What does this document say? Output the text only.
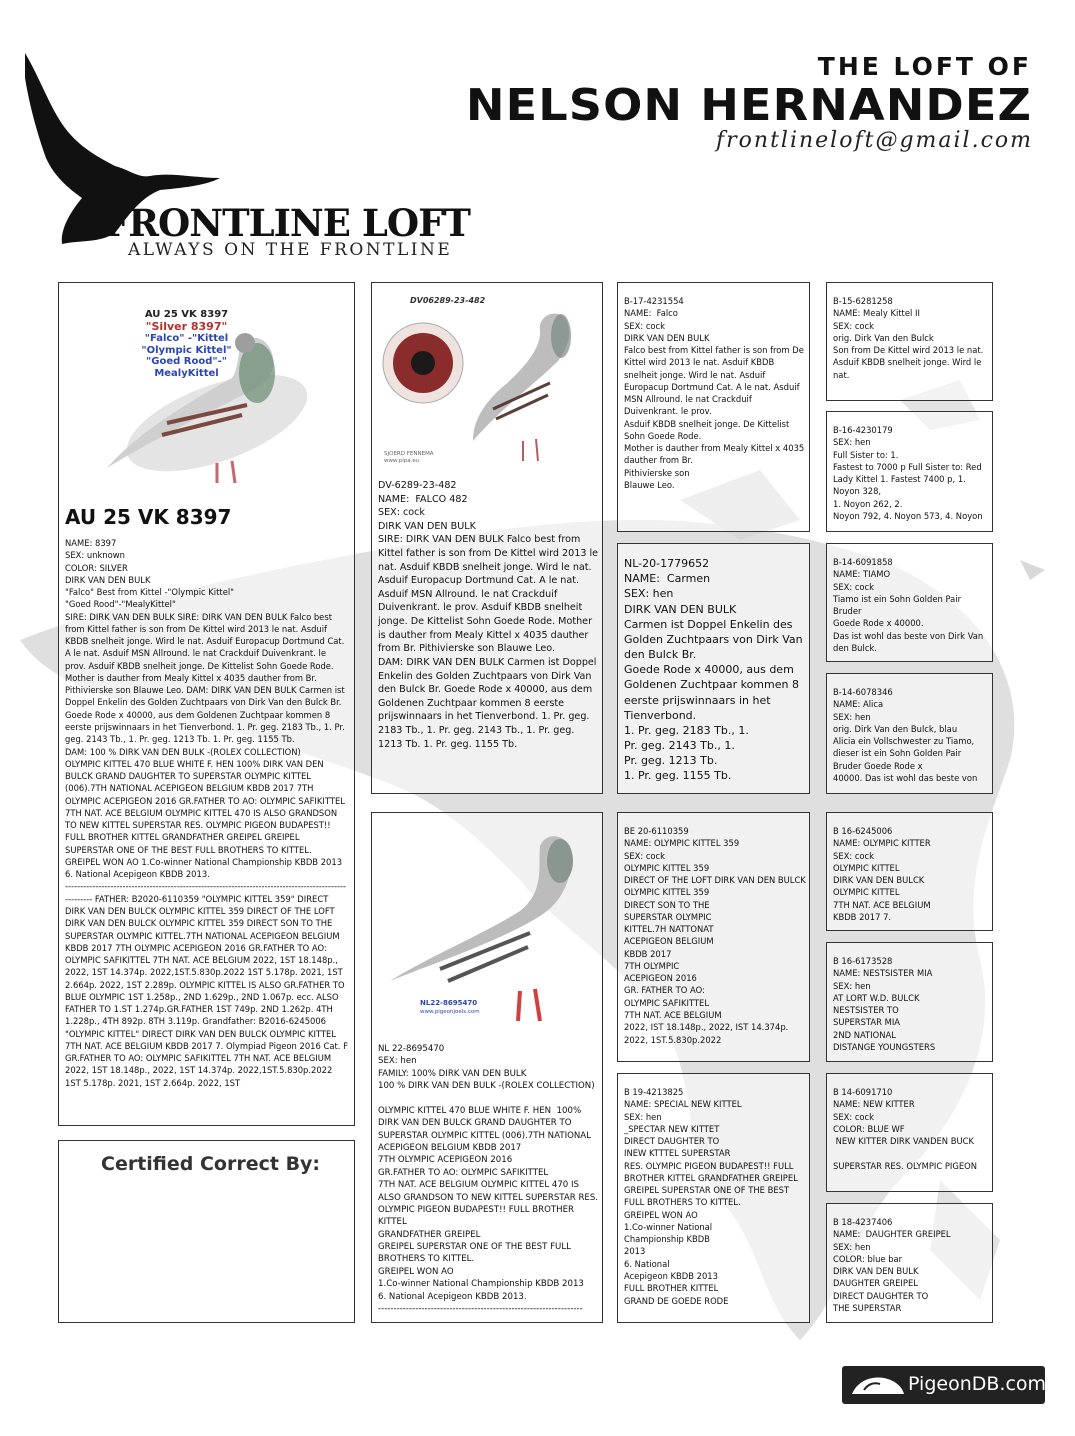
THE LOFT OF
NELSON HERNANDEZ
frontlineloft@gmail.com
FRONTLINE LOFT
ALWAYS ON THE FRONTLINE
AU 25 VK 8397
"Silver 8397"
"Falco" -"Kittel
"Olympic Kittel"
"Goed Rood"-"
MealyKittel
AU 25 VK 8397
NAME: 8397
SEX: unknown
COLOR: SILVER
DIRK VAN DEN BULK
"Falco" Best from Kittel -"Olympic Kittel"
"Goed Rood"-"MealyKittel"
SIRE: DIRK VAN DEN BULK SIRE: DIRK VAN DEN BULK Falco best from Kittel father is son from De Kittel wird 2013 le nat. Asduif KBDB snelheit jonge. Wird le nat. Asduif Europacup Dortmund Cat. A le nat. Asduif MSN Allround. le nat Crackduif Duivenkrant. le prov. Asduif KBDB snelheit jonge. De Kittelist Sohn Goede Rode. Mother is dauther from Mealy Kittel x 4035 dauther from Br. Pithivierske son Blauwe Leo. DAM: DIRK VAN DEN BULK Carmen ist Doppel Enkelin des Golden Zuchtpaars von Dirk Van den Bulck Br. Goede Rode x 40000, aus dem Goldenen Zuchtpaar kommen 8 eerste prijswinnaars in het Tienverbond. 1. Pr. geg. 2183 Tb., 1. Pr. geg. 2143 Tb., 1. Pr. geg. 1213 Tb. 1. Pr. geg. 1155 Tb.
DAM: 100 % DIRK VAN DEN BULK -(ROLEX COLLECTION)
OLYMPIC KITTEL 470 BLUE WHITE F. HEN 100% DIRK VAN DEN BULCK GRAND DAUGHTER TO SUPERSTAR OLYMPIC KITTEL (006).7TH NATIONAL ACEPIGEON BELGIUM KBDB 2017 7TH OLYMPIC ACEPIGEON 2016 GR.FATHER TO AO: OLYMPIC SAFIKITTEL 7TH NAT. ACE BELGIUM OLYMPIC KITTEL 470 IS ALSO GRANDSON TO NEW KITTEL SUPERSTAR RES. OLYMPIC PIGEON BUDAPEST!! FULL BROTHER KITTEL GRANDFATHER GREIPEL GREIPEL SUPERSTAR ONE OF THE BEST FULL BROTHERS TO KITTEL. GREIPEL WON AO 1.Co-winner National Championship KBDB 2013 6. National Acepigeon KBDB 2013.
------------------------------------------------------------------------------------------------------ FATHER: B2020-6110359 "OLYMPIC KITTEL 359" DIRECT DIRK VAN DEN BULCK OLYMPIC KITTEL 359 DIRECT OF THE LOFT DIRK VAN DEN BULCK OLYMPIC KITTEL 359 DIRECT SON TO THE SUPERSTAR OLYMPIC KITTEL.7TH NATIONAL ACEPIGEON BELGIUM KBDB 2017 7TH OLYMPIC ACEPIGEON 2016 GR.FATHER TO AO: OLYMPIC SAFIKITTEL 7TH NAT. ACE BELGIUM 2022, 1ST 18.148p., 2022, 1ST 14.374p. 2022,1ST.5.830p.2022 1ST 5.178p. 2021, 1ST 2.664p. 2022, 1ST 2.289p. OLYMPIC KITTEL IS ALSO GR.FATHER TO BLUE OLYMPIC 1ST 1.258p., 2ND 1.629p., 2ND 1.067p. ecc. ALSO FATHER TO 1.ST 1.274p.GR.FATHER 1ST 749p. 2ND 1.262p. 4TH 1.228p., 4TH 892p. 8TH 3.119p. Grandfather: B2016-6245006 "OLYMPIC KITTEL" DIRECT DIRK VAN DEN BULCK OLYMPIC KITTEL 7TH NAT. ACE BELGIUM KBDB 2017 7. Olympiad Pigeon 2016 Cat. F GR.FATHER TO AO: OLYMPIC SAFIKITTEL 7TH NAT. ACE BELGIUM 2022, 1ST 18.148p., 2022, 1ST 14.374p. 2022,1ST.5.830p.2022 1ST 5.178p. 2021, 1ST 2.664p. 2022, 1ST
Certified Correct By:
DV06289-23-482
SJOERD FENNEMA
www.pipa.eu
DV-6289-23-482
NAME:  FALCO 482
SEX: cock
DIRK VAN DEN BULK
SIRE: DIRK VAN DEN BULK Falco best from Kittel father is son from De Kittel wird 2013 le nat. Asduif KBDB snelheit jonge. Wird le nat. Asduif Europacup Dortmund Cat. A le nat. Asduif MSN Allround. le nat Crackduif Duivenkrant. le prov. Asduif KBDB snelheit jonge. De Kittelist Sohn Goede Rode. Mother is dauther from Mealy Kittel x 4035 dauther from Br. Pithivierske son Blauwe Leo.
DAM: DIRK VAN DEN BULK Carmen ist Doppel Enkelin des Golden Zuchtpaars von Dirk Van den Bulck Br. Goede Rode x 40000, aus dem Goldenen Zuchtpaar kommen 8 eerste prijswinnaars in het Tienverbond. 1. Pr. geg. 2183 Tb., 1. Pr. geg. 2143 Tb., 1. Pr. geg. 1213 Tb. 1. Pr. geg. 1155 Tb.
NL22-8695470
www.pigeonjoels.com
NL 22-8695470
SEX: hen
FAMILY: 100% DIRK VAN DEN BULK
100 % DIRK VAN DEN BULK -(ROLEX COLLECTION)

OLYMPIC KITTEL 470 BLUE WHITE F. HEN  100% DIRK VAN DEN BULCK GRAND DAUGHTER TO SUPERSTAR OLYMPIC KITTEL (006).7TH NATIONAL ACEPIGEON BELGIUM KBDB 2017
7TH OLYMPIC ACEPIGEON 2016
GR.FATHER TO AO: OLYMPIC SAFIKITTEL
7TH NAT. ACE BELGIUM OLYMPIC KITTEL 470 IS ALSO GRANDSON TO NEW KITTEL SUPERSTAR RES. OLYMPIC PIGEON BUDAPEST!! FULL BROTHER KITTEL
GRANDFATHER GREIPEL
GREIPEL SUPERSTAR ONE OF THE BEST FULL BROTHERS TO KITTEL.
GREIPEL WON AO
1.Co-winner National Championship KBDB 2013
6. National Acepigeon KBDB 2013.
------------------------------------------------------------------
B-17-4231554
NAME:  Falco
SEX: cock
DIRK VAN DEN BULK
Falco best from Kittel father is son from De Kittel wird 2013 le nat. Asduif KBDB snelheit jonge. Wird le nat. Asduif Europacup Dortmund Cat. A le nat. Asduif MSN Allround. le nat Crackduif Duivenkrant. le prov.
Asduif KBDB snelheit jonge. De Kittelist Sohn Goede Rode.
Mother is dauther from Mealy Kittel x 4035 dauther from Br.
Pithivierske son
Blauwe Leo.
NL-20-1779652
NAME:  Carmen
SEX: hen
DIRK VAN DEN BULK
Carmen ist Doppel Enkelin des Golden Zuchtpaars von Dirk Van den Bulck Br.
Goede Rode x 40000, aus dem Goldenen Zuchtpaar kommen 8 eerste prijswinnaars in het Tienverbond.
1. Pr. geg. 2183 Tb., 1.
Pr. geg. 2143 Tb., 1.
Pr. geg. 1213 Tb.
1. Pr. geg. 1155 Tb.
BE 20-6110359
NAME: OLYMPIC KITTEL 359
SEX: cock
OLYMPIC KITTEL 359
DIRECT OF THE LOFT DIRK VAN DEN BULCK OLYMPIC KITTEL 359
DIRECT SON TO THE
SUPERSTAR OLYMPIC
KITTEL.7H NATTONAT
ACEPIGEON BELGIUM
KBDB 2017
7TH OLYMPIC
ACEPIGEON 2016
GR. FATHER TO AO:
OLYMPIC SAFIKITTEL
7TH NAT. ACE BELGIUM
2022, IST 18.148p., 2022, IST 14.374p.
2022, 1ST.5.830p.2022
B 19-4213825
NAME: SPECIAL NEW KITTEL
SEX: hen
_SPECTAR NEW KITTET
DIRECT DAUGHTER TO
INEW KTTTEL SUPERSTAR
RES. OLYMPIC PIGEON BUDAPEST!! FULL BROTHER KITTEL GRANDFATHER GREIPEL GREIPEL SUPERSTAR ONE OF THE BEST FULL BROTHERS TO KITTEL.
GREIPEL WON AO
1.Co-winner National
Championship KBDB
2013
6. National
Acepigeon KBDB 2013
FULL BROTHER KITTEL
GRAND DE GOEDE RODE
B-15-6281258
NAME: Mealy Kittel II
SEX: cock
orig. Dirk Van den Bulck
Son from De Kittel wird 2013 le nat.
Asduif KBDB snelheit jonge. Wird le nat.
B-16-4230179
SEX: hen
Full Sister to: 1.
Fastest to 7000 p Full Sister to: Red Lady Kittel 1. Fastest 7400 p, 1. Noyon 328,
1. Noyon 262, 2.
Noyon 792, 4. Noyon 573, 4. Noyon
B-14-6091858
NAME: TIAMO
SEX: cock
Tiamo ist ein Sohn Golden Pair Bruder
Goede Rode x 40000.
Das ist wohl das beste von Dirk Van den Bulck.
B-14-6078346
NAME: Alica
SEX: hen
orig. Dirk Van den Bulck, blau
Alicia ein Vollschwester zu Tiamo, dieser ist ein Sohn Golden Pair Bruder Goede Rode x
40000. Das ist wohl das beste von
B 16-6245006
NAME: OLYMPIC KITTER
SEX: cock
OLYMPIC KITTEL
DIRK VAN DEN BULCK
OLYMPIC KITTEL
7TH NAT. ACE BELGIUM
KBDB 2017 7.
B 16-6173528
NAME: NESTSISTER MIA
SEX: hen
AT LORT W.D. BULCK
NESTSISTER TO
SUPERSTAR MIA
2ND NATIONAL
DISTANGE YOUNGSTERS
B 14-6091710
NAME: NEW KITTER
SEX: cock
COLOR: BLUE WF
NEW KITTER DIRK VANDEN BUCK

SUPERSTAR RES. OLYMPIC PIGEON
B 18-4237406
NAME:  DAUGHTER GREIPEL
SEX: hen
COLOR: blue bar
DIRK VAN DEN BULK
DAUGHTER GREIPEL
DIRECT DAUGHTER TO
THE SUPERSTAR
PigeonDB.com
